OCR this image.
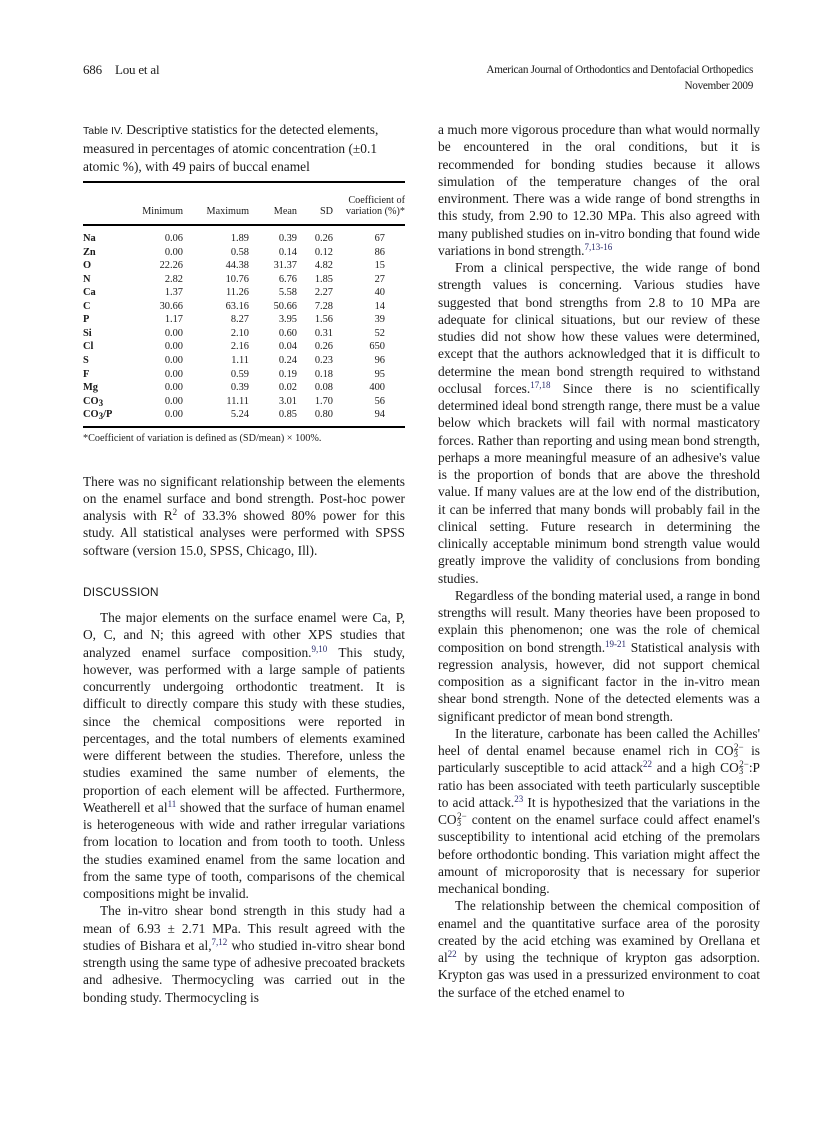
686 Lou et al	American Journal of Orthodontics and Dentofacial Orthopedics
November 2009
Table IV. Descriptive statistics for the detected elements, measured in percentages of atomic concentration (±0.1 atomic %), with 49 pairs of buccal enamel

	Minimum	Maximum	Mean	SD	Coefficient of variation (%)*
Na	0.06	1.89	0.39	0.26	67
Zn	0.00	0.58	0.14	0.12	86
O	22.26	44.38	31.37	4.82	15
N	2.82	10.76	6.76	1.85	27
Ca	1.37	11.26	5.58	2.27	40
C	30.66	63.16	50.66	7.28	14
P	1.17	8.27	3.95	1.56	39
Si	0.00	2.10	0.60	0.31	52
Cl	0.00	2.16	0.04	0.26	650
S	0.00	1.11	0.24	0.23	96
F	0.00	0.59	0.19	0.18	95
Mg	0.00	0.39	0.02	0.08	400
$CO_3$	0.00	11.11	3.01	1.70	56
$CO_3/P$	0.00	5.24	0.85	0.80	94
*Coefficient of variation is defined as (SD/mean) × 100%.

There was no significant relationship between the elements on the enamel surface and bond strength. Post-hoc power analysis with $R^2$ of 33.3% showed 80% power for this study. All statistical analyses were performed with SPSS software (version 15.0, SPSS, Chicago, Ill).

DISCUSSION

The major elements on the surface enamel were Ca, P, O, C, and N; this agreed with other XPS studies that analyzed enamel surface composition.$^{9,10}$ This study, however, was performed with a large sample of patients concurrently undergoing orthodontic treatment. It is difficult to directly compare this study with these studies, since the chemical compositions were reported in percentages, and the total numbers of elements examined were different between the studies. Therefore, unless the studies examined the same number of elements, the proportion of each element will be affected. Furthermore, Weatherell et al$^{11}$ showed that the surface of human enamel is heterogeneous with wide and rather irregular variations from location to location and from tooth to tooth. Unless the studies examined enamel from the same location and from the same type of tooth, comparisons of the chemical compositions might be invalid.

The in-vitro shear bond strength in this study had a mean of 6.93 ± 2.71 MPa. This result agreed with the studies of Bishara et al,$^{7,12}$ who studied in-vitro shear bond strength using the same type of adhesive precoated brackets and adhesive. Thermocycling was carried out in the bonding study. Thermocycling is

a much more vigorous procedure than what would normally be encountered in the oral conditions, but it is recommended for bonding studies because it allows simulation of the temperature changes of the oral environment. There was a wide range of bond strengths in this study, from 2.90 to 12.30 MPa. This also agreed with many published studies on in-vitro bonding that found wide variations in bond strength.$^{7,13-16}$

From a clinical perspective, the wide range of bond strength values is concerning. Various studies have suggested that bond strengths from 2.8 to 10 MPa are adequate for clinical situations, but our review of these studies did not show how these values were determined, except that the authors acknowledged that it is difficult to determine the mean bond strength required to withstand occlusal forces.$^{17,18}$ Since there is no scientifically determined ideal bond strength range, there must be a value below which brackets will fail with normal masticatory forces. Rather than reporting and using mean bond strength, perhaps a more meaningful measure of an adhesive's value is the proportion of bonds that are above the threshold value. If many values are at the low end of the distribution, it can be inferred that many bonds will probably fail in the clinical setting. Future research in determining the clinically acceptable minimum bond strength value would greatly improve the validity of conclusions from bonding studies.

Regardless of the bonding material used, a range in bond strengths will result. Many theories have been proposed to explain this phenomenon; one was the role of chemical composition on bond strength.$^{19-21}$ Statistical analysis with regression analysis, however, did not support chemical composition as a significant factor in the in-vitro mean shear bond strength. None of the detected elements was a significant predictor of mean bond strength.

In the literature, carbonate has been called the Achilles' heel of dental enamel because enamel rich in $CO_3^{2-}$ is particularly susceptible to acid attack$^{22}$ and a high $CO_3^{2-}:P$ ratio has been associated with teeth particularly susceptible to acid attack.$^{23}$ It is hypothesized that the variations in the $CO_3^{2-}$ content on the enamel surface could affect enamel's susceptibility to intentional acid etching of the premolars before orthodontic bonding. This variation might affect the amount of microporosity that is necessary for superior mechanical bonding.

The relationship between the chemical composition of enamel and the quantitative surface area of the porosity created by the acid etching was examined by Orellana et al$^{22}$ by using the technique of krypton gas adsorption. Krypton gas was used in a pressurized environment to coat the surface of the etched enamel to
